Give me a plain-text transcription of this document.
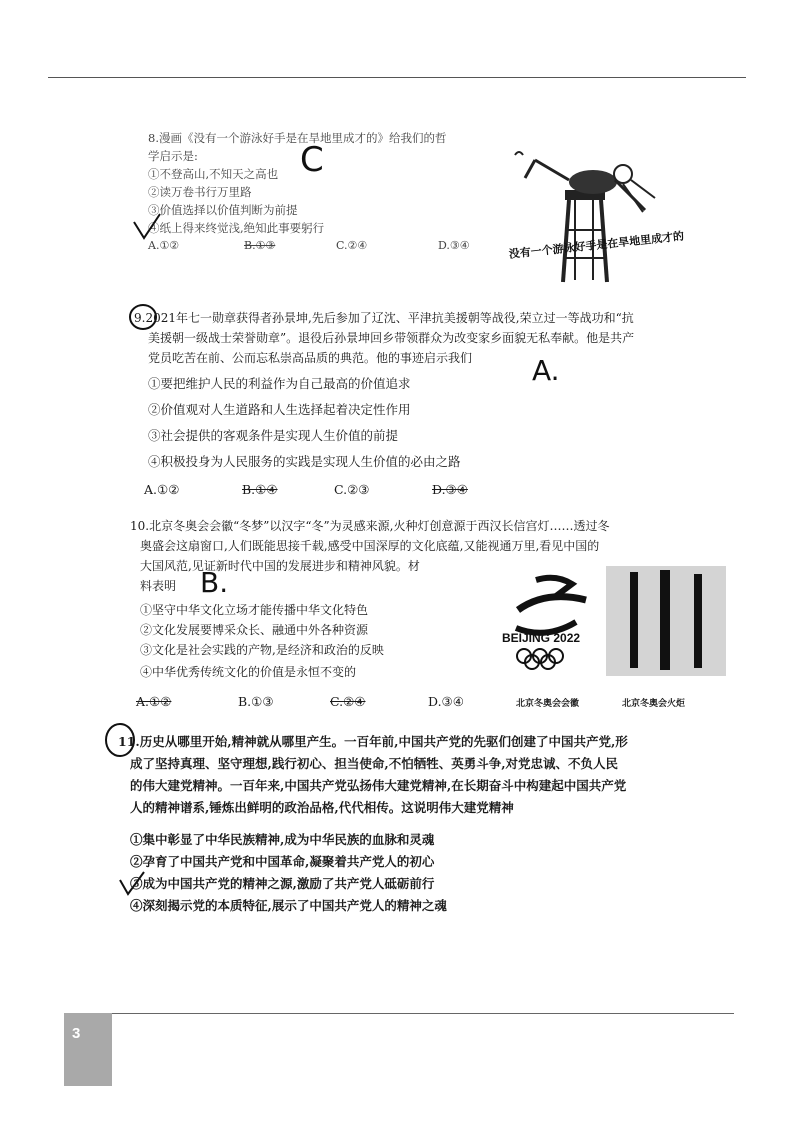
8.漫画《没有一个游泳好手是在旱地里成才的》给我们的哲
学启示是:
①不登高山,不知天之高也
②读万卷书行万里路
③价值选择以价值判断为前提
④纸上得来终觉浅,绝知此事要躬行
A.①②	B.①③	C.②④	D.③④
C
没有一个游泳好手是在旱地里成才的
9.2021年七一勋章获得者孙景坤,先后参加了辽沈、平津抗美援朝等战役,荣立过一等战功和“抗
美援朝一级战士荣誉勋章”。退役后孙景坤回乡带领群众为改变家乡面貌无私奉献。他是共产
党员吃苦在前、公而忘私崇高品质的典范。他的事迹启示我们
①要把维护人民的利益作为自己最高的价值追求
②价值观对人生道路和人生选择起着决定性作用
③社会提供的客观条件是实现人生价值的前提
④积极投身为人民服务的实践是实现人生价值的必由之路
A.①②	B.①④	C.②③	D.③④
A.
10.北京冬奥会会徽“冬梦”以汉字“冬”为灵感来源,火种灯创意源于西汉长信宫灯……透过冬
奥盛会这扇窗口,人们既能思接千载,感受中国深厚的文化底蕴,又能视通万里,看见中国的
大国风范,见证新时代中国的发展进步和精神风貌。材
料表明
①坚守中华文化立场才能传播中华文化特色
②文化发展要博采众长、融通中外各种资源
③文化是社会实践的产物,是经济和政治的反映
④中华优秀传统文化的价值是永恒不变的
A.①②	B.①③	C.②④	D.③④
B.
BEIJING 2022
北京冬奥会会徽	北京冬奥会火炬
11.历史从哪里开始,精神就从哪里产生。一百年前,中国共产党的先驱们创建了中国共产党,形
成了坚持真理、坚守理想,践行初心、担当使命,不怕牺牲、英勇斗争,对党忠诚、不负人民
的伟大建党精神。一百年来,中国共产党弘扬伟大建党精神,在长期奋斗中构建起中国共产党
人的精神谱系,锤炼出鲜明的政治品格,代代相传。这说明伟大建党精神
①集中彰显了中华民族精神,成为中华民族的血脉和灵魂
②孕育了中国共产党和中国革命,凝聚着共产党人的初心
③成为中国共产党的精神之源,激励了共产党人砥砺前行
④深刻揭示党的本质特征,展示了中国共产党人的精神之魂
3
